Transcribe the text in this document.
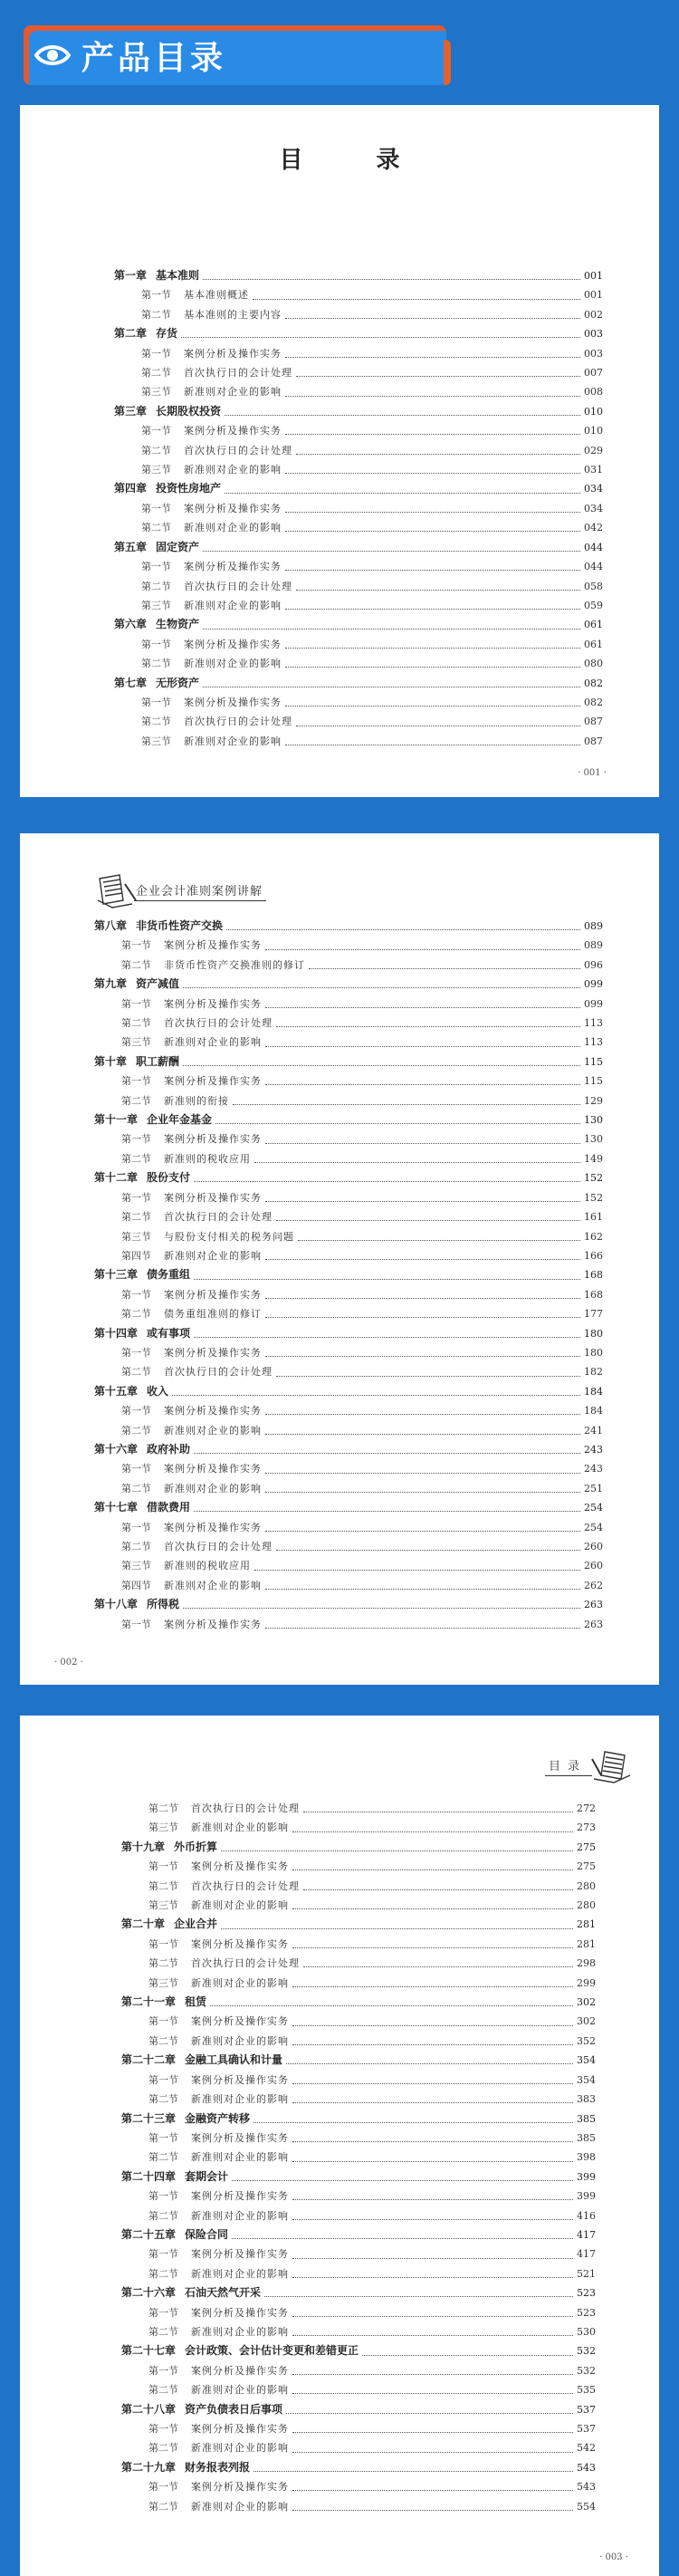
产品目录
目 录
第一章 基本准则	001
第一节	基本准则概述	001
第二节	基本准则的主要内容	002
第二章 存货	003
第一节	案例分析及操作实务	003
第二节	首次执行日的会计处理	007
第三节	新准则对企业的影响	008
第三章 长期股权投资	010
第一节	案例分析及操作实务	010
第二节	首次执行日的会计处理	029
第三节	新准则对企业的影响	031
第四章 投资性房地产	034
第一节	案例分析及操作实务	034
第二节	新准则对企业的影响	042
第五章 固定资产	044
第一节	案例分析及操作实务	044
第二节	首次执行日的会计处理	058
第三节	新准则对企业的影响	059
第六章 生物资产	061
第一节	案例分析及操作实务	061
第二节	新准则对企业的影响	080
第七章 无形资产	082
第一节	案例分析及操作实务	082
第二节	首次执行日的会计处理	087
第三节	新准则对企业的影响	087
· 001 ·
企业会计准则案例讲解
第八章 非货币性资产交换	089
第一节	案例分析及操作实务	089
第二节	非货币性资产交换准则的修订	096
第九章 资产减值	099
第一节	案例分析及操作实务	099
第二节	首次执行日的会计处理	113
第三节	新准则对企业的影响	113
第十章 职工薪酬	115
第一节	案例分析及操作实务	115
第二节	新准则的衔接	129
第十一章 企业年金基金	130
第一节	案例分析及操作实务	130
第二节	新准则的税收应用	149
第十二章 股份支付	152
第一节	案例分析及操作实务	152
第二节	首次执行日的会计处理	161
第三节	与股份支付相关的税务问题	162
第四节	新准则对企业的影响	166
第十三章 债务重组	168
第一节	案例分析及操作实务	168
第二节	债务重组准则的修订	177
第十四章 或有事项	180
第一节	案例分析及操作实务	180
第二节	首次执行日的会计处理	182
第十五章 收入	184
第一节	案例分析及操作实务	184
第二节	新准则对企业的影响	241
第十六章 政府补助	243
第一节	案例分析及操作实务	243
第二节	新准则对企业的影响	251
第十七章 借款费用	254
第一节	案例分析及操作实务	254
第二节	首次执行日的会计处理	260
第三节	新准则的税收应用	260
第四节	新准则对企业的影响	262
第十八章 所得税	263
第一节	案例分析及操作实务	263
· 002 ·
目录
第二节	首次执行日的会计处理	272
第三节	新准则对企业的影响	273
第十九章 外币折算	275
第一节	案例分析及操作实务	275
第二节	首次执行日的会计处理	280
第三节	新准则对企业的影响	280
第二十章 企业合并	281
第一节	案例分析及操作实务	281
第二节	首次执行日的会计处理	298
第三节	新准则对企业的影响	299
第二十一章 租赁	302
第一节	案例分析及操作实务	302
第二节	新准则对企业的影响	352
第二十二章 金融工具确认和计量	354
第一节	案例分析及操作实务	354
第二节	新准则对企业的影响	383
第二十三章 金融资产转移	385
第一节	案例分析及操作实务	385
第二节	新准则对企业的影响	398
第二十四章 套期会计	399
第一节	案例分析及操作实务	399
第二节	新准则对企业的影响	416
第二十五章 保险合同	417
第一节	案例分析及操作实务	417
第二节	新准则对企业的影响	521
第二十六章 石油天然气开采	523
第一节	案例分析及操作实务	523
第二节	新准则对企业的影响	530
第二十七章 会计政策、会计估计变更和差错更正	532
第一节	案例分析及操作实务	532
第二节	新准则对企业的影响	535
第二十八章 资产负债表日后事项	537
第一节	案例分析及操作实务	537
第二节	新准则对企业的影响	542
第二十九章 财务报表列报	543
第一节	案例分析及操作实务	543
第二节	新准则对企业的影响	554
· 003 ·
